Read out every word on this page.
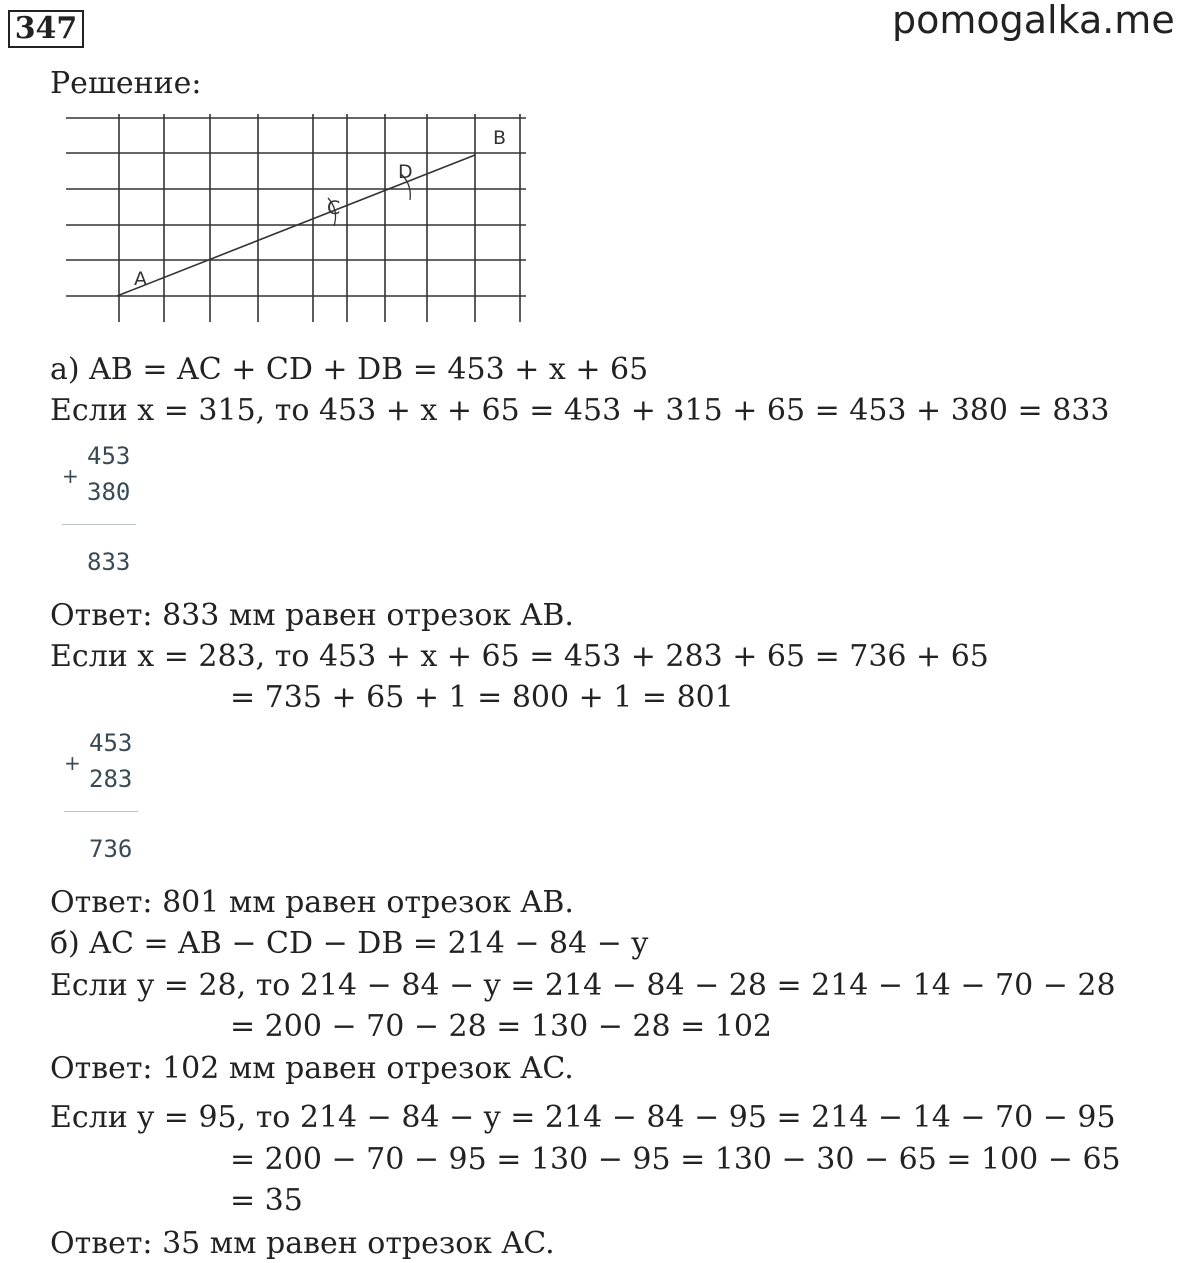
347	pomogalka.me
Решение:
A
B
C
D
а) AB = AC + CD + DB = 453 + x + 65
Если x = 315, то 453 + x + 65 = 453 + 315 + 65 = 453 + 380 = 833
+
453
380
833
Ответ: 833 мм равен отрезок AB.
Если x = 283, то 453 + x + 65 = 453 + 283 + 65 = 736 + 65
= 735 + 65 + 1 = 800 + 1 = 801
+
453
283
736
Ответ: 801 мм равен отрезок AB.
б) AC = AB − CD − DB = 214 − 84 − y
Если y = 28, то 214 − 84 − y = 214 − 84 − 28 = 214 − 14 − 70 − 28
= 200 − 70 − 28 = 130 − 28 = 102
Ответ: 102 мм равен отрезок AC.
Если y = 95, то 214 − 84 − y = 214 − 84 − 95 = 214 − 14 − 70 − 95
= 200 − 70 − 95 = 130 − 95 = 130 − 30 − 65 = 100 − 65
= 35
Ответ: 35 мм равен отрезок AC.
